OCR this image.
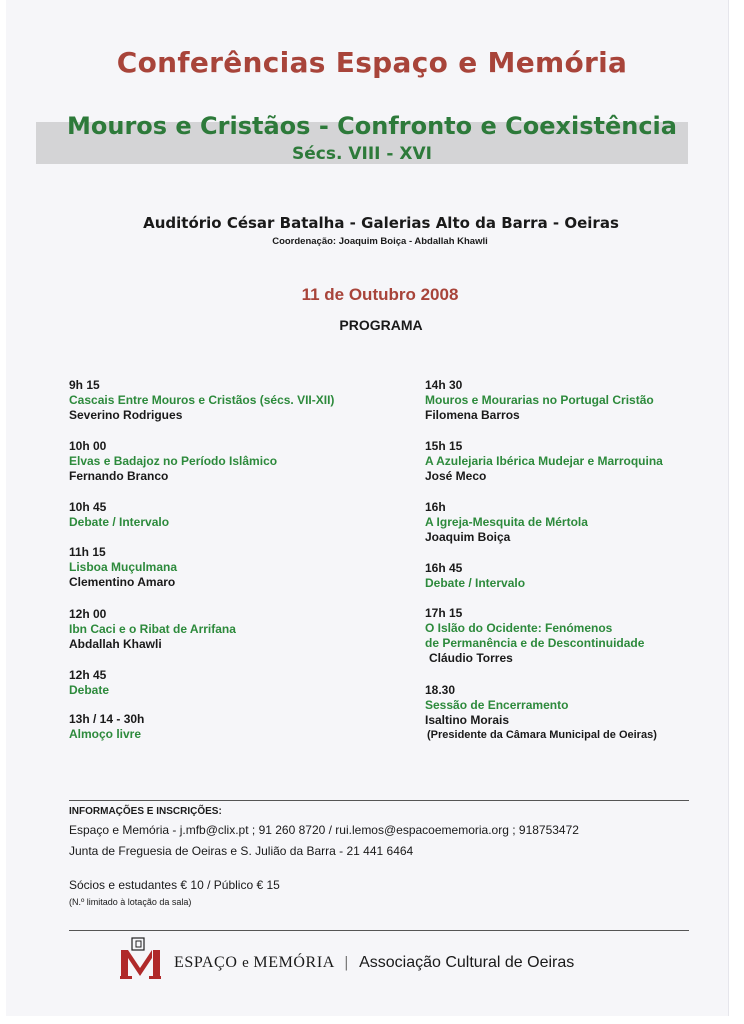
Conferências Espaço e Memória
Mouros e Cristãos - Confronto e Coexistência
Sécs. VIII - XVI
Auditório César Batalha - Galerias Alto da Barra - Oeiras
Coordenação: Joaquim Boiça - Abdallah Khawli
11 de Outubro 2008
PROGRAMA
9h 15
Cascais Entre Mouros e Cristãos (sécs. VII-XII)
Severino Rodrigues
10h 00
Elvas e Badajoz no Período Islâmico
Fernando Branco
10h 45
Debate / Intervalo
11h 15
Lisboa Muçulmana
Clementino Amaro
12h 00
Ibn Caci e o Ribat de Arrifana
Abdallah Khawli
12h 45
Debate
13h / 14 - 30h
Almoço livre
14h 30
Mouros e Mourarias no Portugal Cristão
Filomena Barros
15h 15
A Azulejaria Ibérica Mudejar e Marroquina
José Meco
16h
A Igreja-Mesquita de Mértola
Joaquim Boiça
16h 45
Debate / Intervalo
17h 15
O Islão do Ocidente: Fenómenos
de Permanência e de Descontinuidade
Cláudio Torres
18.30
Sessão de Encerramento
Isaltino Morais
(Presidente da Câmara Municipal de Oeiras)
INFORMAÇÕES E INSCRIÇÕES:
Espaço e Memória - j.mfb@clix.pt ; 91 260 8720 / rui.lemos@espacoememoria.org ; 918753472
Junta de Freguesia de Oeiras e S. Julião da Barra - 21 441 6464
Sócios e estudantes € 10 / Público € 15
(N.º limitado à lotação da sala)
ESPAÇO e MEMÓRIA | Associação Cultural de Oeiras
